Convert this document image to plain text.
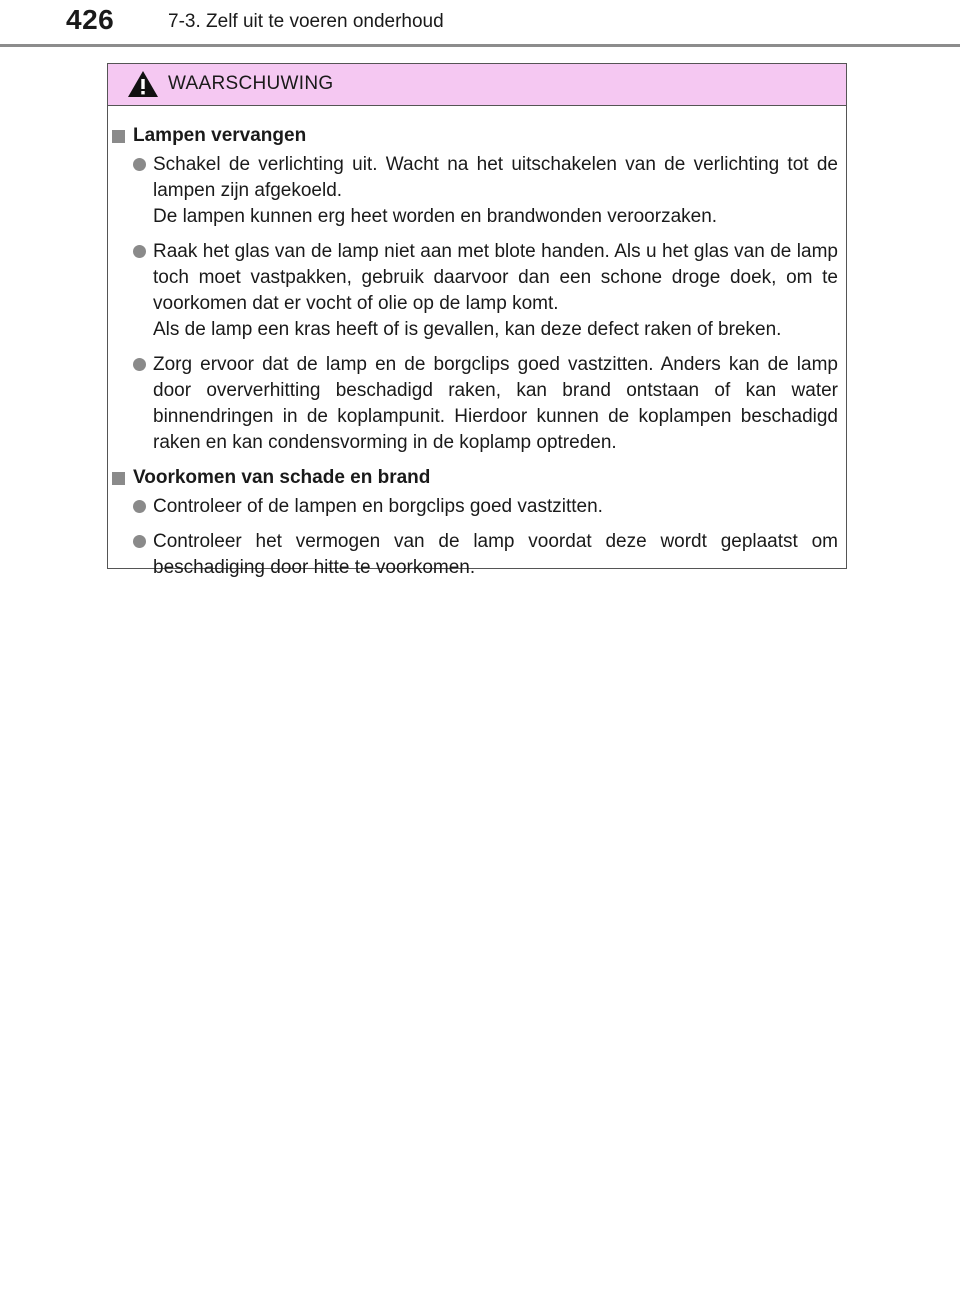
426	7-3. Zelf uit te voeren onderhoud
WAARSCHUWING
Lampen vervangen
Schakel de verlichting uit. Wacht na het uitschakelen van de verlichting tot de lampen zijn afgekoeld.
De lampen kunnen erg heet worden en brandwonden veroorzaken.
Raak het glas van de lamp niet aan met blote handen. Als u het glas van de lamp toch moet vastpakken, gebruik daarvoor dan een schone droge doek, om te voorkomen dat er vocht of olie op de lamp komt.
Als de lamp een kras heeft of is gevallen, kan deze defect raken of breken.
Zorg ervoor dat de lamp en de borgclips goed vastzitten. Anders kan de lamp door oververhitting beschadigd raken, kan brand ontstaan of kan water binnendringen in de koplampunit. Hierdoor kunnen de koplampen beschadigd raken en kan condensvorming in de koplamp optreden.
Voorkomen van schade en brand
Controleer of de lampen en borgclips goed vastzitten.
Controleer het vermogen van de lamp voordat deze wordt geplaatst om beschadiging door hitte te voorkomen.
